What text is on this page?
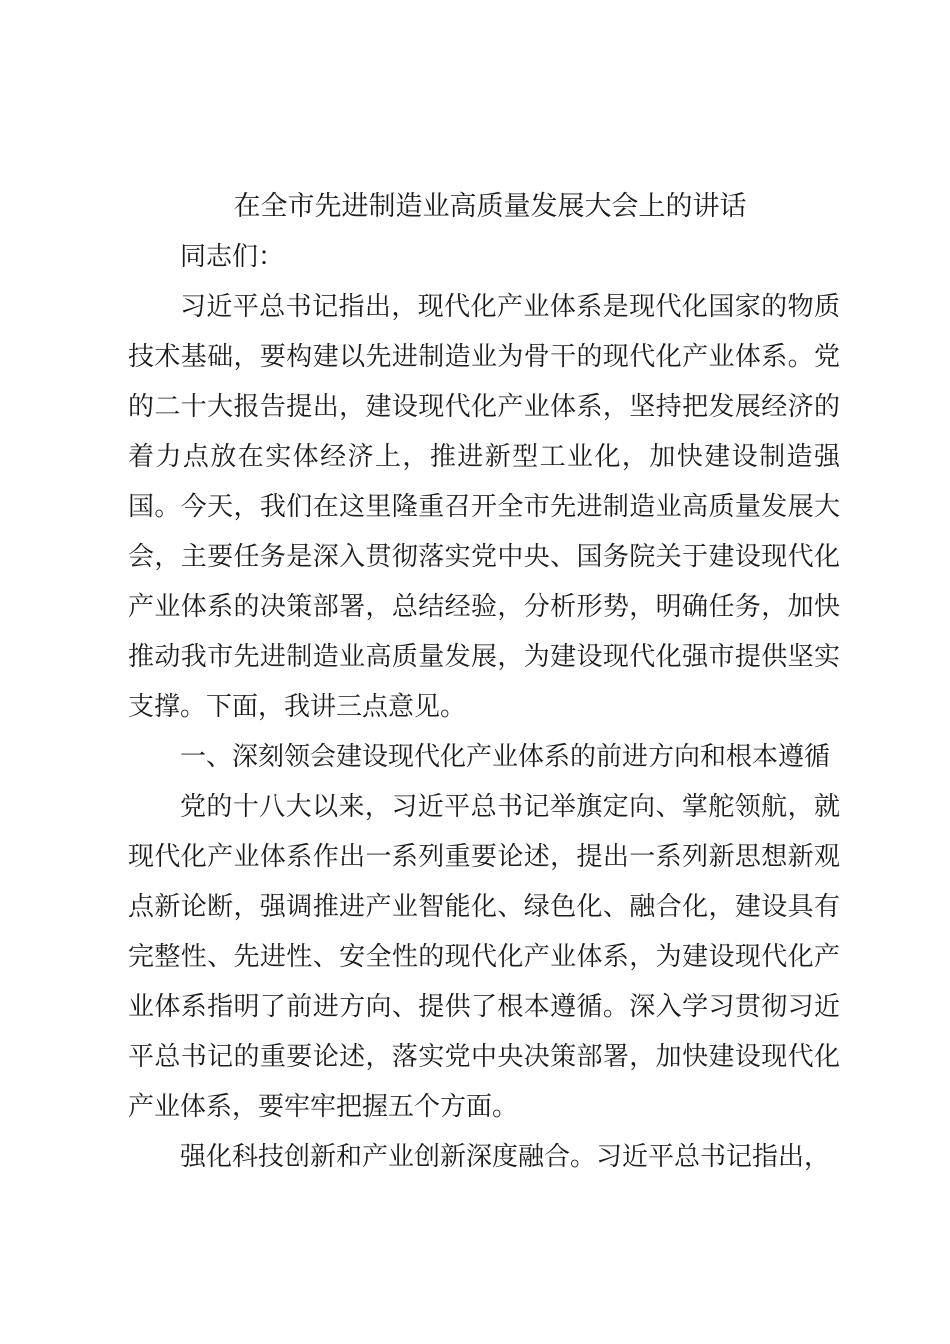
在全市先进制造业高质量发展大会上的讲话

同志们：

习近平总书记指出，现代化产业体系是现代化国家的物质技术基础，要构建以先进制造业为骨干的现代化产业体系。党的二十大报告提出，建设现代化产业体系，坚持把发展经济的着力点放在实体经济上，推进新型工业化，加快建设制造强国。今天，我们在这里隆重召开全市先进制造业高质量发展大会，主要任务是深入贯彻落实党中央、国务院关于建设现代化产业体系的决策部署，总结经验，分析形势，明确任务，加快推动我市先进制造业高质量发展，为建设现代化强市提供坚实支撑。下面，我讲三点意见。

一、深刻领会建设现代化产业体系的前进方向和根本遵循

党的十八大以来，习近平总书记举旗定向、掌舵领航，就现代化产业体系作出一系列重要论述，提出一系列新思想新观点新论断，强调推进产业智能化、绿色化、融合化，建设具有完整性、先进性、安全性的现代化产业体系，为建设现代化产业体系指明了前进方向、提供了根本遵循。深入学习贯彻习近平总书记的重要论述，落实党中央决策部署，加快建设现代化产业体系，要牢牢把握五个方面。

强化科技创新和产业创新深度融合。习近平总书记指出，
